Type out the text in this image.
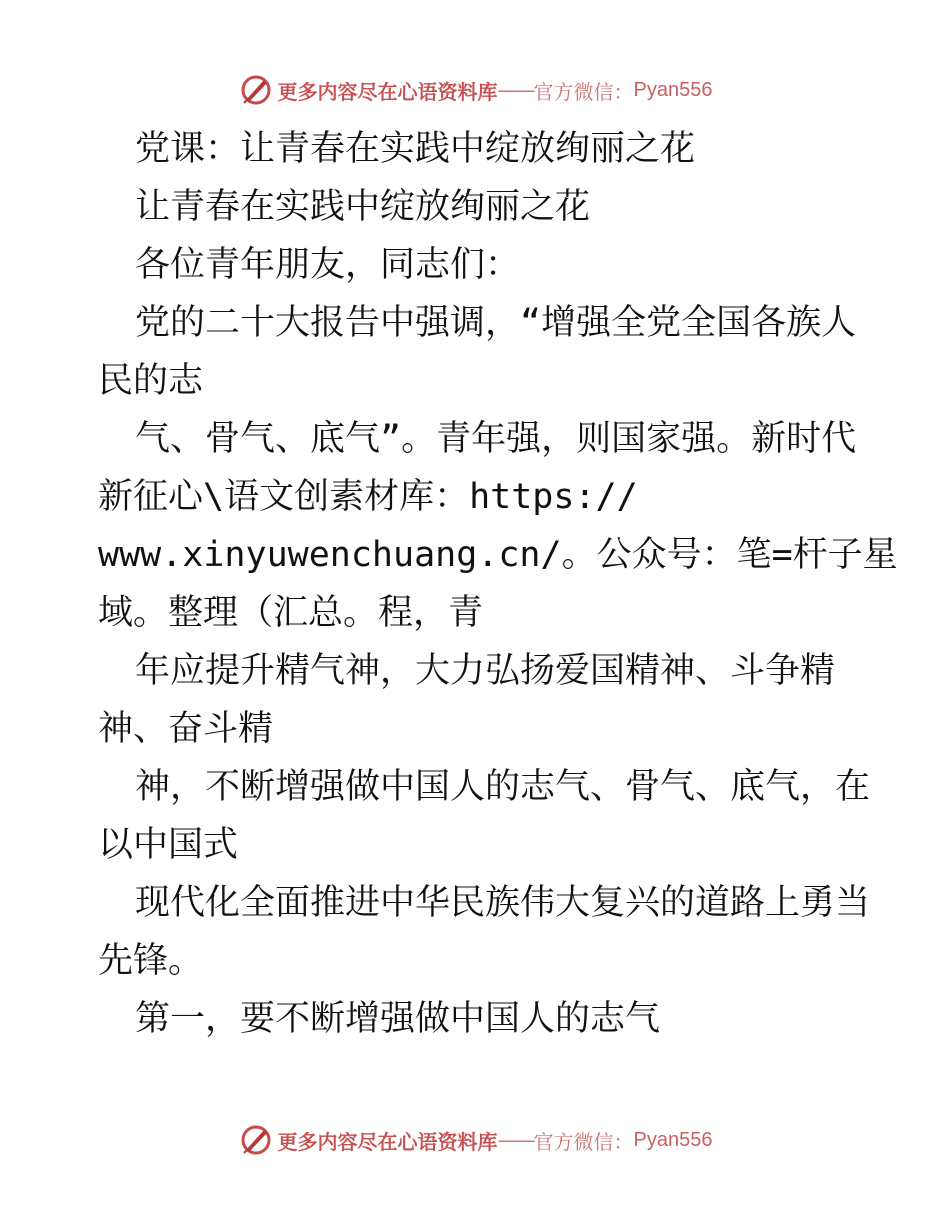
更多内容尽在心语资料库 —— 官方微信： Pyan556
党课：让青春在实践中绽放绚丽之花
让青春在实践中绽放绚丽之花
各位青年朋友，同志们：
党的二十大报告中强调，“增强全党全国各族人
民的志
气、骨气、底气”。青年强，则国家强。新时代
新征心\语文创素材库：https://
www.xinyuwenchuang.cn/。公众号：笔=杆子星
域。整理（汇总。程，青
年应提升精气神，大力弘扬爱国精神、斗争精
神、奋斗精
神，不断增强做中国人的志气、骨气、底气，在
以中国式
现代化全面推进中华民族伟大复兴的道路上勇当
先锋。
第一，要不断增强做中国人的志气
更多内容尽在心语资料库 —— 官方微信： Pyan556
